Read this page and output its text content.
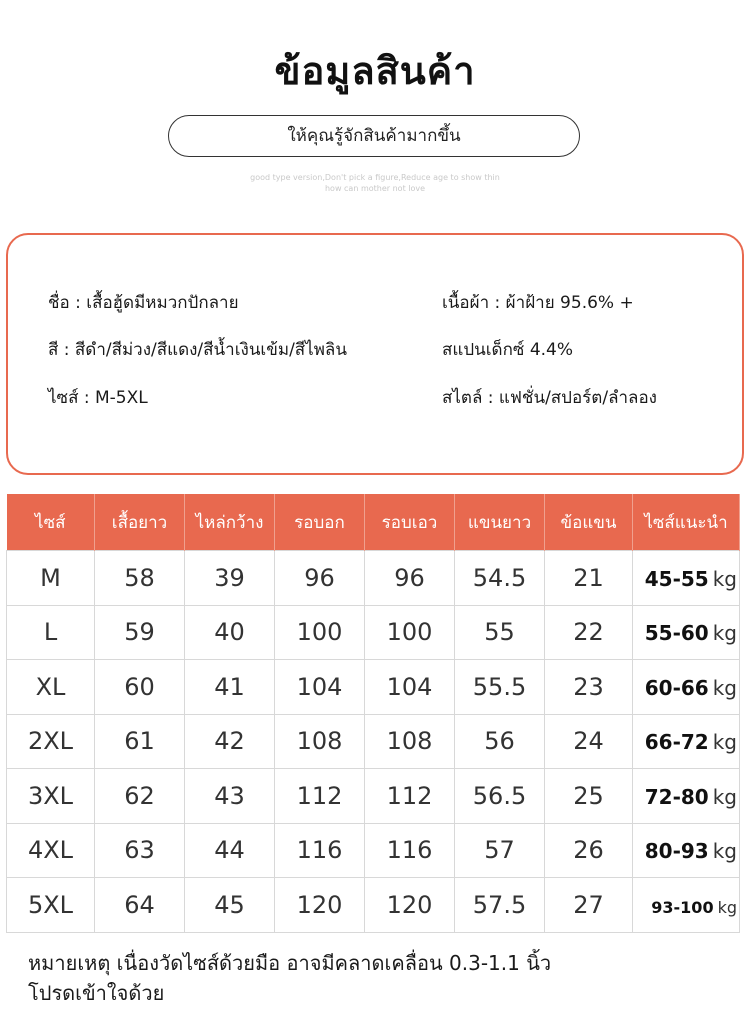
ข้อมูลสินค้า
ให้คุณรู้จักสินค้ามากขึ้น
good type version,Don't pick a figure,Reduce age to show thin
how can mother not love
ชื่อ : เสื้อฮู้ดมีหมวกปักลาย
สี : สีดำ/สีม่วง/สีแดง/สีน้ำเงินเข้ม/สีไพลิน
ไซส์ : M-5XL
เนื้อผ้า : ผ้าฝ้าย 95.6% +
สแปนเด็กซ์ 4.4%
สไตล์ : แฟชั่น/สปอร์ต/ลำลอง
ไซส์	เสื้อยาว	ไหล่กว้าง	รอบอก	รอบเอว	แขนยาว	ข้อแขน	ไซส์แนะนำ
M	58	39	96	96	54.5	21	45-55 kg
L	59	40	100	100	55	22	55-60 kg
XL	60	41	104	104	55.5	23	60-66 kg
2XL	61	42	108	108	56	24	66-72 kg
3XL	62	43	112	112	56.5	25	72-80 kg
4XL	63	44	116	116	57	26	80-93 kg
5XL	64	45	120	120	57.5	27	93-100 kg
หมายเหตุ เนื่องวัดไซส์ด้วยมือ อาจมีคลาดเคลื่อน 0.3-1.1 นิ้ว
โปรดเข้าใจด้วย
